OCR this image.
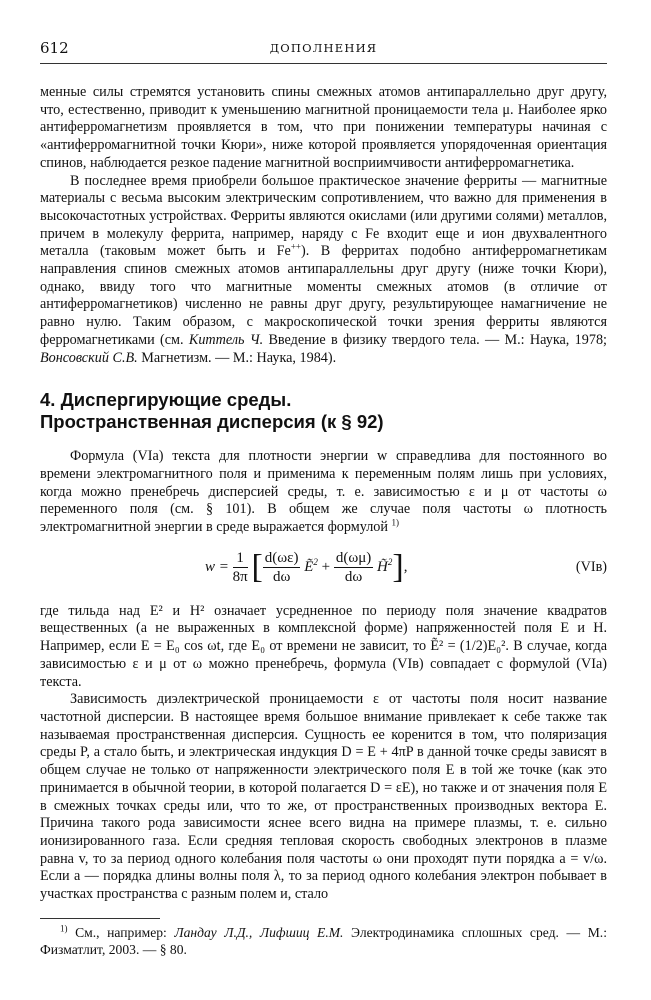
612	ДОПОЛНЕНИЯ

менные силы стремятся установить спины смежных атомов антипараллельно друг другу, что, естественно, приводит к уменьшению магнитной проницаемости тела μ. Наиболее ярко антиферромагнетизм проявляется в том, что при понижении температуры начиная с «антиферромагнитной точки Кюри», ниже которой проявляется упорядоченная ориентация спинов, наблюдается резкое падение магнитной восприимчивости антиферромагнетика.

В последнее время приобрели большое практическое значение ферриты — магнитные материалы с весьма высоким электрическим сопротивлением, что важно для применения в высокочастотных устройствах. Ферриты являются окислами (или другими солями) металлов, причем в молекулу феррита, например, наряду с Fe входит еще и ион двухвалентного металла (таковым может быть и Fe++). В ферритах подобно антиферромагнетикам направления спинов смежных атомов антипараллельны друг другу (ниже точки Кюри), однако, ввиду того что магнитные моменты смежных атомов (в отличие от антиферромагнетиков) численно не равны друг другу, результирующее намагничение не равно нулю. Таким образом, с макроскопической точки зрения ферриты являются ферромагнетиками (см. Киттель Ч. Введение в физику твердого тела. — М.: Наука, 1978; Вонсовский С.В. Магнетизм. — М.: Наука, 1984).

4. Диспергирующие среды.
Пространственная дисперсия (к § 92)

Формула (VIa) текста для плотности энергии w справедлива для постоянного во времени электромагнитного поля и применима к переменным полям лишь при условиях, когда можно пренебречь дисперсией среды, т. е. зависимостью ε и μ от частоты ω переменного поля (см. § 101). В общем же случае поля частоты ω плотность электромагнитной энергии в среде выражается формулой $^{1)}$

$w = \frac{1}{8\pi}$ [ $\frac{d(\omega\varepsilon)}{d\omega}$ Ẽ$^2$ + $\frac{d(\omega\mu)}{d\omega}$ H̃$^2$],	(VIв)

где тильда над E² и H² означает усредненное по периоду поля значение квадратов вещественных (а не выраженных в комплексной форме) напряженностей поля E и H. Например, если E = E₀ cos ωt, где E₀ от времени не зависит, то Ẽ² = (1/2)E₀². В случае, когда зависимостью ε и μ от ω можно пренебречь, формула (VIв) совпадает с формулой (VIa) текста.

Зависимость диэлектрической проницаемости ε от частоты поля носит название частотной дисперсии. В настоящее время большое внимание привлекает к себе также так называемая пространственная дисперсия. Сущность ее коренится в том, что поляризация среды P, а стало быть, и электрическая индукция D = E + 4πP в данной точке среды зависят в общем случае не только от напряженности электрического поля E в той же точке (как это принимается в обычной теории, в которой полагается D = εE), но также и от значения поля E в смежных точках среды или, что то же, от пространственных производных вектора E. Причина такого рода зависимости яснее всего видна на примере плазмы, т. е. сильно ионизированного газа. Если средняя тепловая скорость свободных электронов в плазме равна v, то за период одного колебания поля частоты ω они проходят пути порядка a = v/ω. Если a — порядка длины волны поля λ, то за период одного колебания электрон побывает в участках пространства с разным полем и, стало

$^{1)}$ См., например: Ландау Л.Д., Лифшиц Е.М. Электродинамика сплошных сред. — М.: Физматлит, 2003. — § 80.
